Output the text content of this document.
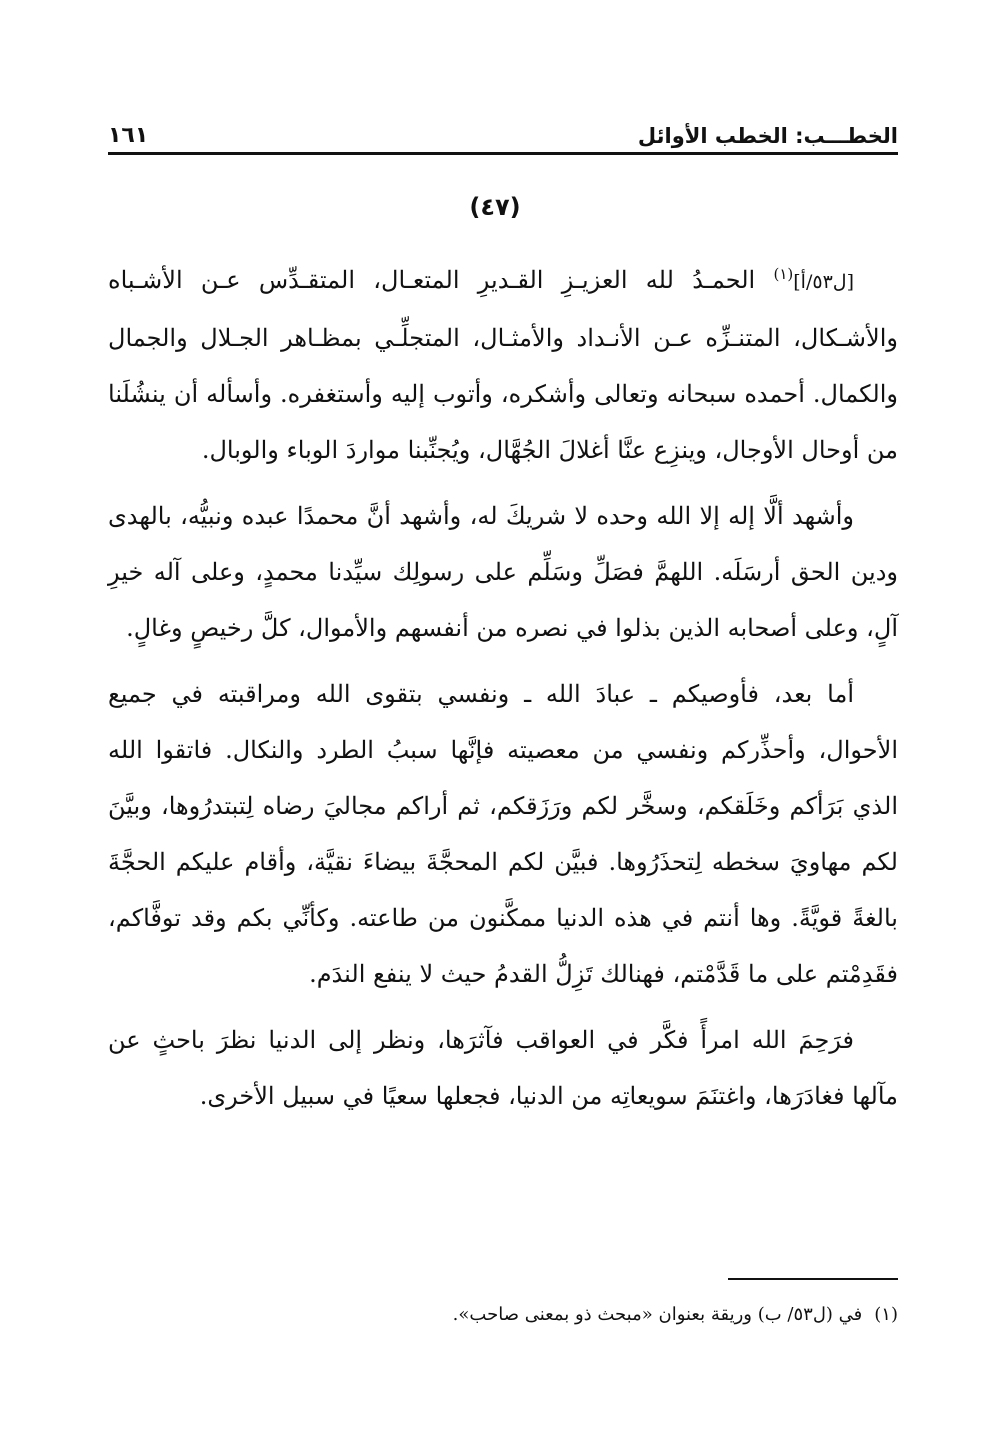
الخطـــب: الخطب الأوائل
١٦١
(٤٧)

[ل٥٣/أ]$^{(١)}$ الحمـدُ لله العزيـزِ القـديرِ المتعـال، المتقـدِّس عـن الأشـباه والأشـكال، المتنـزِّه عـن الأنـداد والأمثـال، المتجلِّـي بمظـاهر الجـلال والجمال والكمال. أحمده سبحانه وتعالى وأشكره، وأتوب إليه وأستغفره. وأسأله أن ينشُلَنا من أوحال الأوجال، وينزِع عنَّا أغلالَ الجُهَّال، ويُجنِّبنا مواردَ الوباء والوبال.

وأشهد ألَّا إله إلا الله وحده لا شريكَ له، وأشهد أنَّ محمدًا عبده ونبيُّه، بالهدى ودين الحق أرسَلَه. اللهمَّ فصَلِّ وسَلِّم على رسولِك سيِّدنا محمدٍ، وعلى آله خيرِ آلٍ، وعلى أصحابه الذين بذلوا في نصره من أنفسهم والأموال، كلَّ رخيصٍ وغالٍ.

أما بعد، فأوصيكم ـ عبادَ الله ـ ونفسي بتقوى الله ومراقبته في جميع الأحوال، وأحذِّركم ونفسي من معصيته فإنَّها سببُ الطرد والنكال. فاتقوا الله الذي بَرَأكم وخَلَقكم، وسخَّر لكم ورَزَقكم، ثم أراكم مجاليَ رضاه لِتبتدرُوها، وبيَّنَ لكم مهاويَ سخطه لِتحذَرُوها. فبيَّن لكم المحجَّةَ بيضاءَ نقيَّة، وأقام عليكم الحجَّةَ بالغةً قويَّةً. وها أنتم في هذه الدنيا ممكَّنون من طاعته. وكأنِّي بكم وقد توفَّاكم، فقَدِمْتم على ما قَدَّمْتم، فهنالك تَزِلُّ القدمُ حيث لا ينفع الندَم.

فرَحِمَ الله امرأً فكَّر في العواقب فآثرَها، ونظر إلى الدنيا نظرَ باحثٍ عن مآلها فغادَرَها، واغتنَمَ سويعاتِه من الدنيا، فجعلها سعيًا في سبيل الأخرى.

(١)في (ل٥٣/ ب) وريقة بعنوان «مبحث ذو بمعنى صاحب».
